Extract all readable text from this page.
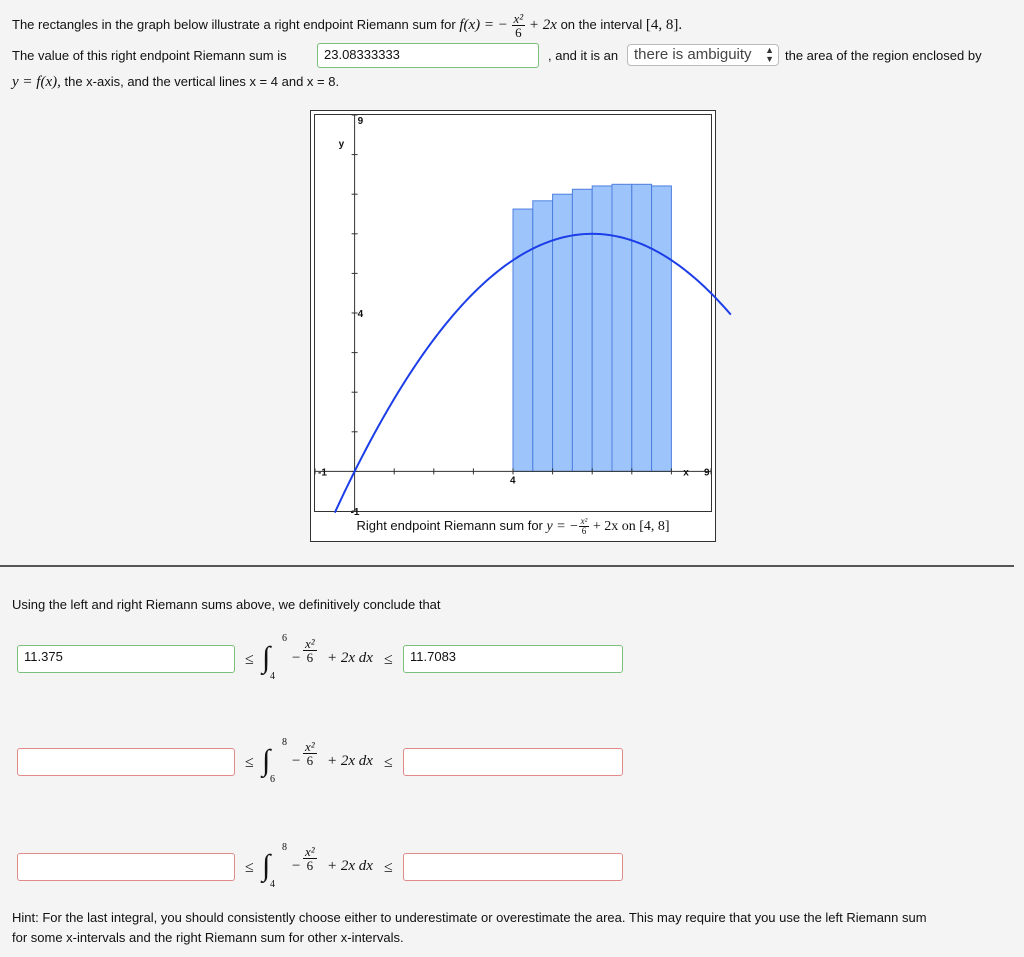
The rectangles in the graph below illustrate a right endpoint Riemann sum for f(x) = − $\frac{\text{x²}}{6} + 2x$ on the interval [4, 8].
The value of this right endpoint Riemann sum is	23.08333333	, and it is an	there is ambiguity ▲
▼ the area of the region enclosed by
y = f(x), the x-axis, and the vertical lines x = 4 and x = 8.
y
9
4
-1
-1
4
x 9
Right endpoint Riemann sum for y = − $\frac{\text{x²}}{6} + 2x$ on [4, 8]
Using the left and right Riemann sums above, we definitively conclude that
11.375	≤ ∫
6
4
− $\frac{\text{x²}}{6} + 2x$ dx ≤	11.7083
≤ ∫
8
6
− $\frac{\text{x²}}{6} + 2x$ dx ≤
≤ ∫
8
4
− $\frac{\text{x²}}{6} + 2x$ dx ≤
Hint: For the last integral, you should consistently choose either to underestimate or overestimate the area. This may require that you use the left Riemann sum
for some x-intervals and the right Riemann sum for other x-intervals.
